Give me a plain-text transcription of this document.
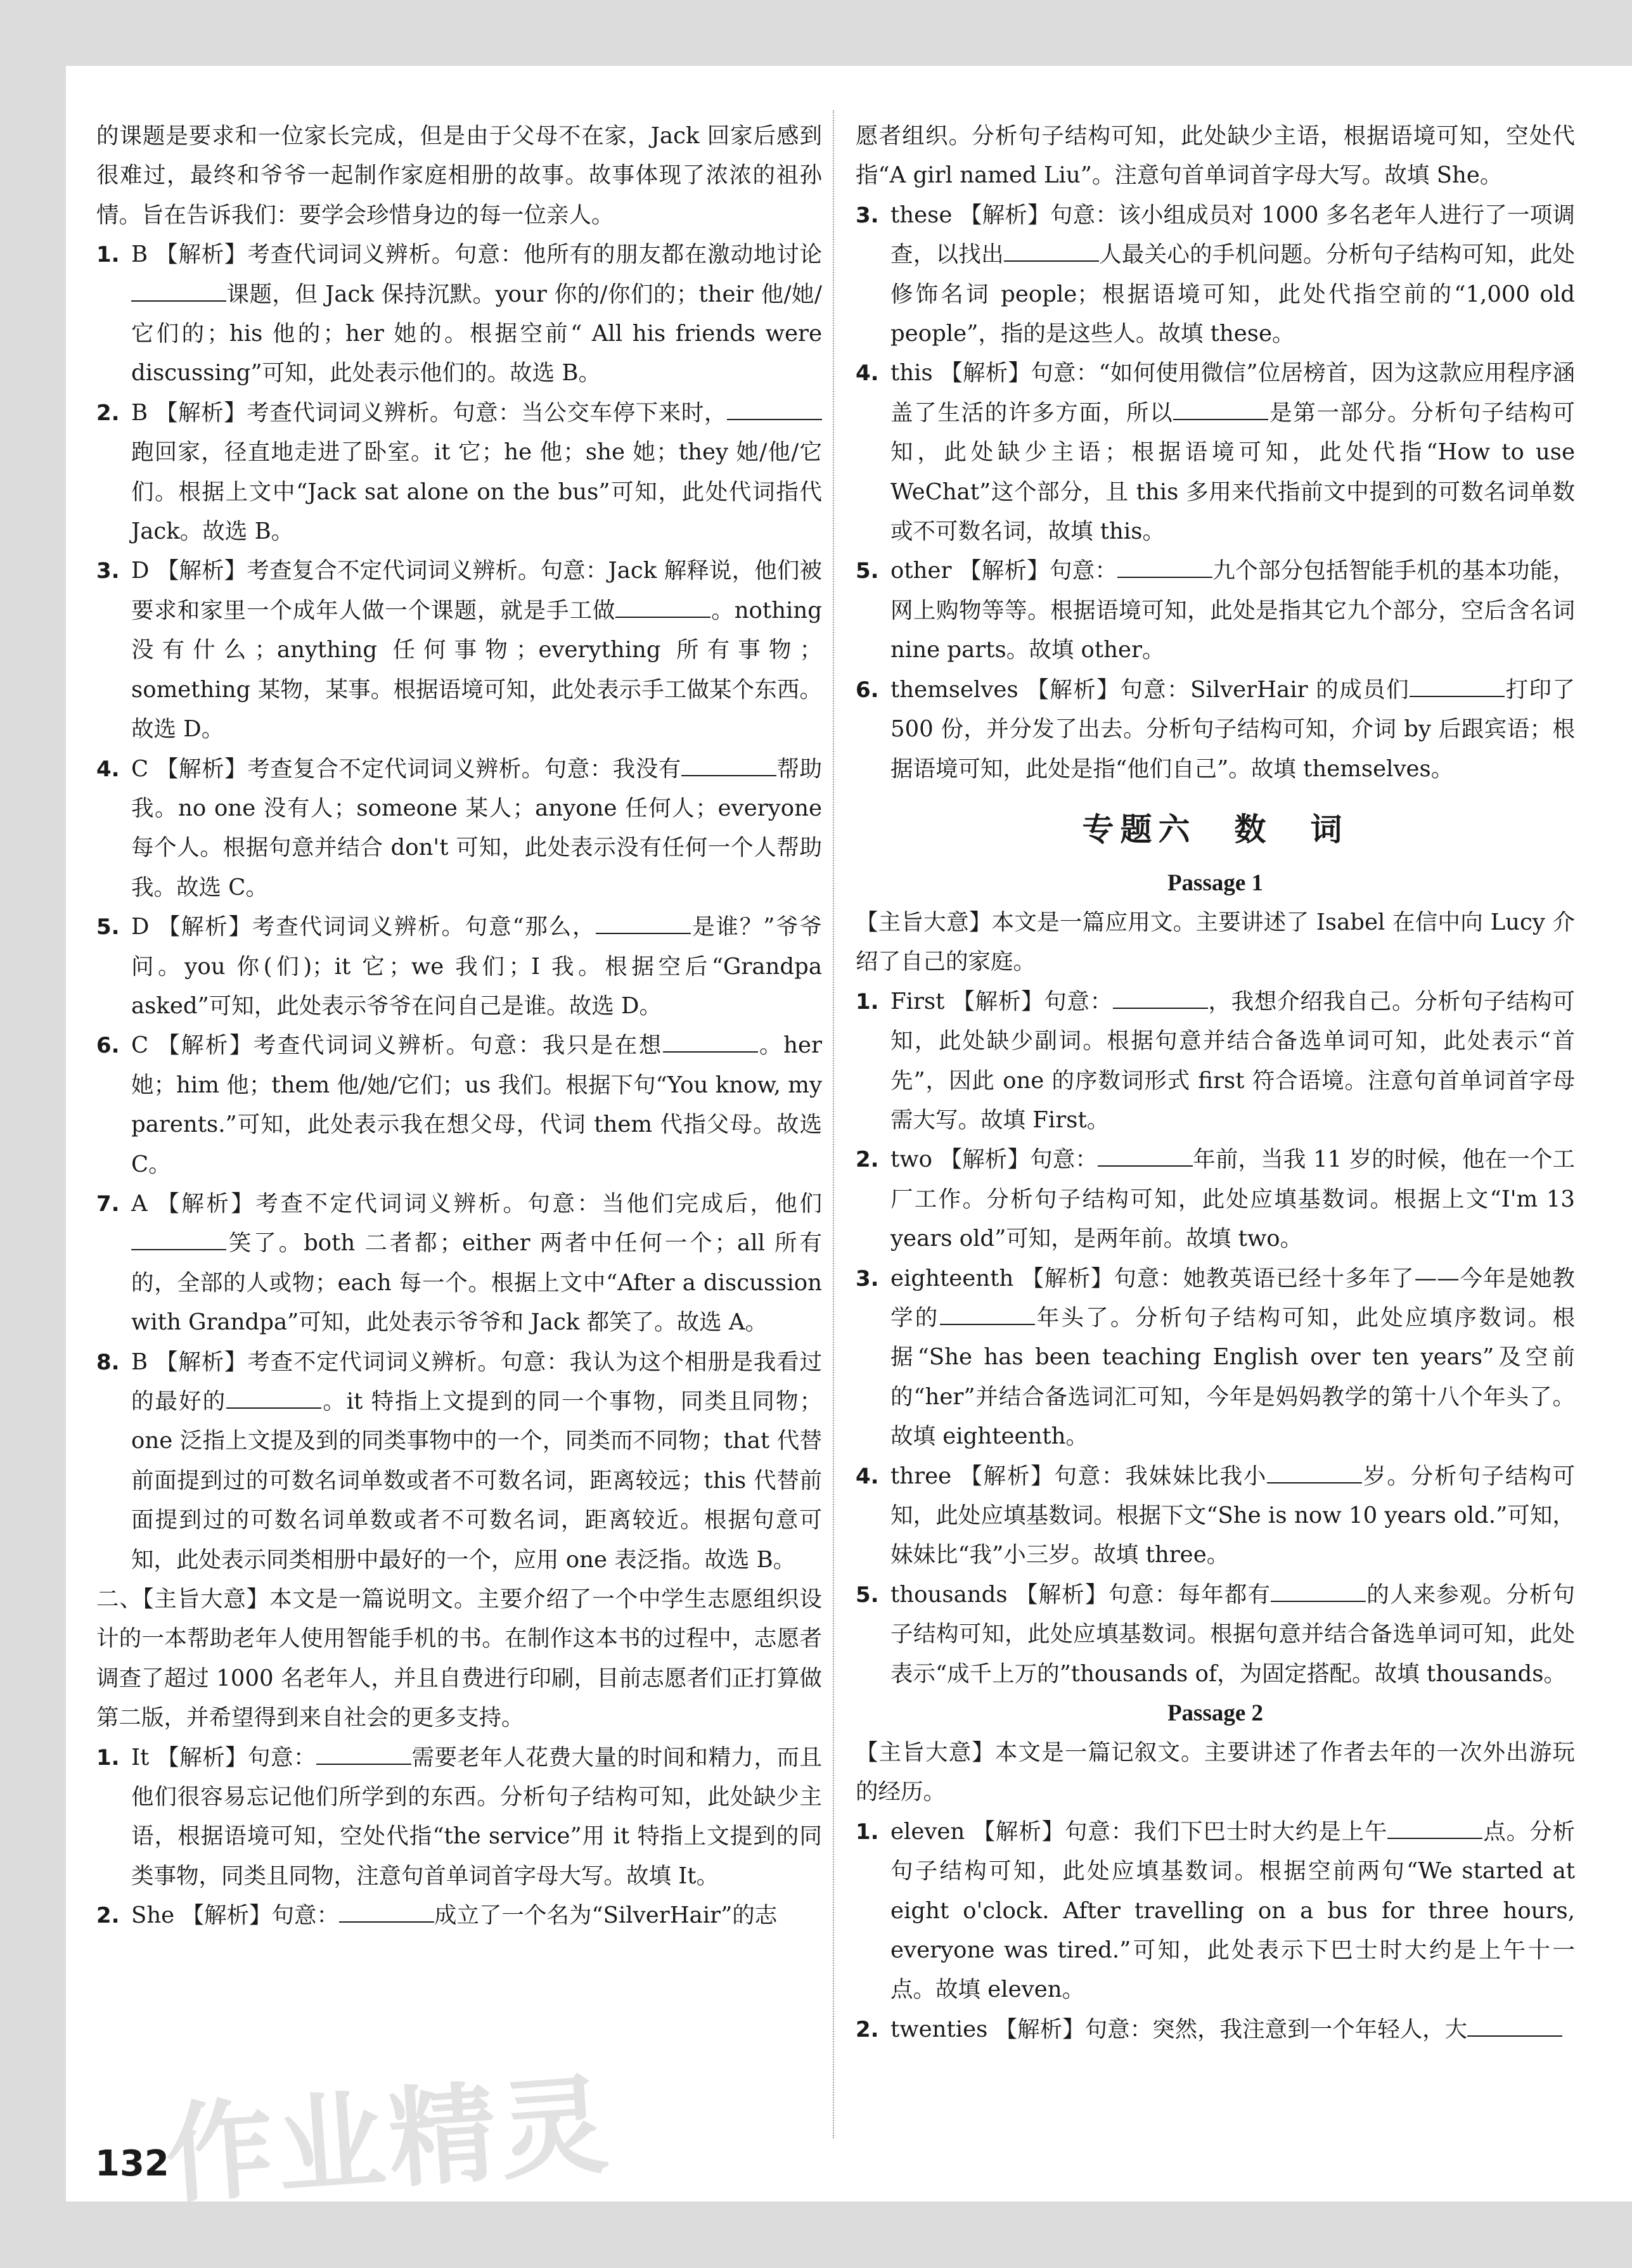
的课题是要求和一位家长完成，但是由于父母不在家，Jack 回家后感到很难过，最终和爷爷一起制作家庭相册的故事。故事体现了浓浓的祖孙情。旨在告诉我们：要学会珍惜身边的每一位亲人。
1. B 【解析】考查代词词义辨析。句意：他所有的朋友都在激动地讨论课题，但 Jack 保持沉默。your 你的/你们的；their 他/她/它们的；his 他的；her 她的。根据空前“ All his friends were discussing”可知，此处表示他们的。故选 B。
2. B 【解析】考查代词词义辨析。句意：当公交车停下来时，跑回家，径直地走进了卧室。it 它；he 他；she 她；they 她/他/它们。根据上文中“Jack sat alone on the bus”可知，此处代词指代 Jack。故选 B。
3. D 【解析】考查复合不定代词词义辨析。句意：Jack 解释说，他们被要求和家里一个成年人做一个课题，就是手工做	。nothing 没有什么；anything 任何事物；everything 所有事物；something 某物，某事。根据语境可知，此处表示手工做某个东西。故选 D。
4. C 【解析】考查复合不定代词词义辨析。句意：我没有	帮助我。no one 没有人；someone 某人；anyone 任何人；everyone 每个人。根据句意并结合 don't 可知，此处表示没有任何一个人帮助我。故选 C。
5. D 【解析】考查代词词义辨析。句意“那么，	是谁？”爷爷问。you 你(们)；it 它；we 我们；I 我。根据空后“Grandpa asked”可知，此处表示爷爷在问自己是谁。故选 D。
6. C 【解析】考查代词词义辨析。句意：我只是在想	。her 她；him 他；them 他/她/它们；us 我们。根据下句“You know, my parents.”可知，此处表示我在想父母，代词 them 代指父母。故选 C。
7. A 【解析】考查不定代词词义辨析。句意：当他们完成后，他们笑了。both 二者都；either 两者中任何一个；all 所有的，全部的人或物；each 每一个。根据上文中“After a discussion with Grandpa”可知，此处表示爷爷和 Jack 都笑了。故选 A。
8. B 【解析】考查不定代词词义辨析。句意：我认为这个相册是我看过的最好的	。it 特指上文提到的同一个事物，同类且同物；one 泛指上文提及到的同类事物中的一个，同类而不同物；that 代替前面提到过的可数名词单数或者不可数名词，距离较远；this 代替前面提到过的可数名词单数或者不可数名词，距离较近。根据句意可知，此处表示同类相册中最好的一个，应用 one 表泛指。故选 B。
二、【主旨大意】本文是一篇说明文。主要介绍了一个中学生志愿组织设计的一本帮助老年人使用智能手机的书。在制作这本书的过程中，志愿者调查了超过 1000 名老年人，并且自费进行印刷，目前志愿者们正打算做第二版，并希望得到来自社会的更多支持。
1. It 【解析】句意：	需要老年人花费大量的时间和精力，而且他们很容易忘记他们所学到的东西。分析句子结构可知，此处缺少主语，根据语境可知，空处代指“the service”用 it 特指上文提到的同类事物，同类且同物，注意句首单词首字母大写。故填 It。
2. She 【解析】句意：	成立了一个名为“SilverHair”的志
愿者组织。分析句子结构可知，此处缺少主语，根据语境可知，空处代指“A girl named Liu”。注意句首单词首字母大写。故填 She。
3. these 【解析】句意：该小组成员对 1000 多名老年人进行了一项调查，以找出	人最关心的手机问题。分析句子结构可知，此处修饰名词 people；根据语境可知，此处代指空前的“1,000 old people”，指的是这些人。故填 these。
4. this 【解析】句意：“如何使用微信”位居榜首，因为这款应用程序涵盖了生活的许多方面，所以	是第一部分。分析句子结构可知，此处缺少主语；根据语境可知，此处代指“How to use WeChat”这个部分，且 this 多用来代指前文中提到的可数名词单数或不可数名词，故填 this。
5. other 【解析】句意：	九个部分包括智能手机的基本功能，网上购物等等。根据语境可知，此处是指其它九个部分，空后含名词 nine parts。故填 other。
6. themselves 【解析】句意：SilverHair 的成员们	打印了 500 份，并分发了出去。分析句子结构可知，介词 by 后跟宾语；根据语境可知，此处是指“他们自己”。故填 themselves。
专题六　数　词
Passage 1
【主旨大意】本文是一篇应用文。主要讲述了 Isabel 在信中向 Lucy 介绍了自己的家庭。
1. First 【解析】句意：	，我想介绍我自己。分析句子结构可知，此处缺少副词。根据句意并结合备选单词可知，此处表示“首先”，因此 one 的序数词形式 first 符合语境。注意句首单词首字母需大写。故填 First。
2. two 【解析】句意：	年前，当我 11 岁的时候，他在一个工厂工作。分析句子结构可知，此处应填基数词。根据上文“I'm 13 years old”可知，是两年前。故填 two。
3. eighteenth 【解析】句意：她教英语已经十多年了——今年是她教学的	年头了。分析句子结构可知，此处应填序数词。根据“She has been teaching English over ten years”及空前的“her”并结合备选词汇可知，今年是妈妈教学的第十八个年头了。故填 eighteenth。
4. three 【解析】句意：我妹妹比我小	岁。分析句子结构可知，此处应填基数词。根据下文“She is now 10 years old.”可知，妹妹比“我”小三岁。故填 three。
5. thousands 【解析】句意：每年都有	的人来参观。分析句子结构可知，此处应填基数词。根据句意并结合备选单词可知，此处表示“成千上万的”thousands of，为固定搭配。故填 thousands。
Passage 2
【主旨大意】本文是一篇记叙文。主要讲述了作者去年的一次外出游玩的经历。
1. eleven 【解析】句意：我们下巴士时大约是上午	点。分析句子结构可知，此处应填基数词。根据空前两句“We started at eight o'clock. After travelling on a bus for three hours, everyone was tired.”可知，此处表示下巴士时大约是上午十一点。故填 eleven。
2. twenties 【解析】句意：突然，我注意到一个年轻人，大
作业精灵
132
